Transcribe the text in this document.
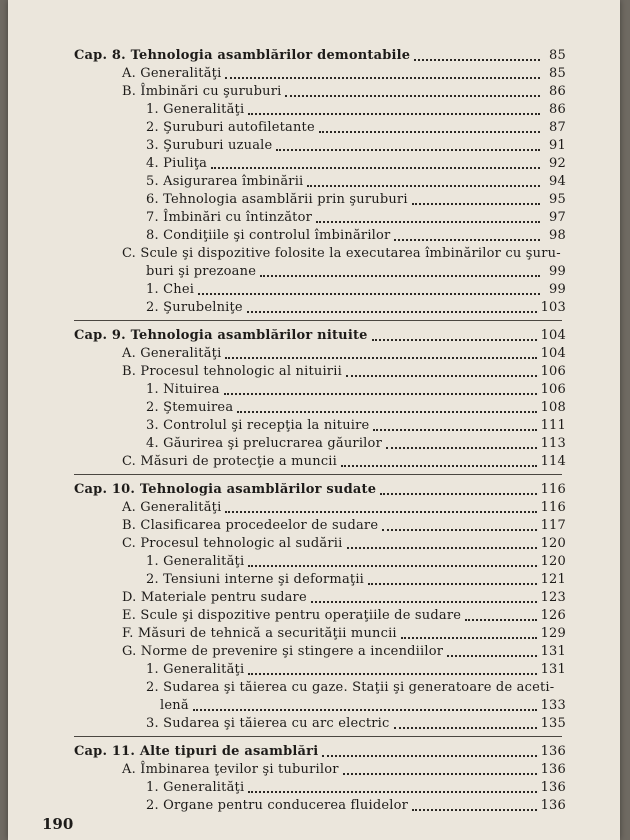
Cap. 8. Tehnologia asamblărilor demontabile	85
A. Generalităţi	85
B. Îmbinări cu şuruburi	86
1. Generalităţi	86
2. Şuruburi autofiletante	87
3. Şuruburi uzuale	91
4. Piuliţa	92
5. Asigurarea îmbinării	94
6. Tehnologia asamblării prin şuruburi	95
7. Îmbinări cu întinzător	97
8. Condiţiile şi controlul îmbinărilor	98
C. Scule şi dispozitive folosite la executarea îmbinărilor cu şuru-
buri şi prezoane	99
1. Chei	99
2. Şurubelniţe	103
Cap. 9. Tehnologia asamblărilor nituite	104
A. Generalităţi	104
B. Procesul tehnologic al nituirii	106
1. Nituirea	106
2. Ştemuirea	108
3. Controlul şi recepţia la nituire	111
4. Găurirea şi prelucrarea găurilor	113
C. Măsuri de protecţie a muncii	114
Cap. 10. Tehnologia asamblărilor sudate	116
A. Generalităţi	116
B. Clasificarea procedeelor de sudare	117
C. Procesul tehnologic al sudării	120
1. Generalităţi	120
2. Tensiuni interne şi deformaţii	121
D. Materiale pentru sudare	123
E. Scule şi dispozitive pentru operaţiile de sudare	126
F. Măsuri de tehnică a securităţii muncii	129
G. Norme de prevenire şi stingere a incendiilor	131
1. Generalităţi	131
2. Sudarea şi tăierea cu gaze. Staţii şi generatoare de aceti-
lenă	133
3. Sudarea şi tăierea cu arc electric	135
Cap. 11. Alte tipuri de asamblări	136
A. Îmbinarea ţevilor şi tuburilor	136
1. Generalităţi	136
2. Organe pentru conducerea fluidelor	136
190
